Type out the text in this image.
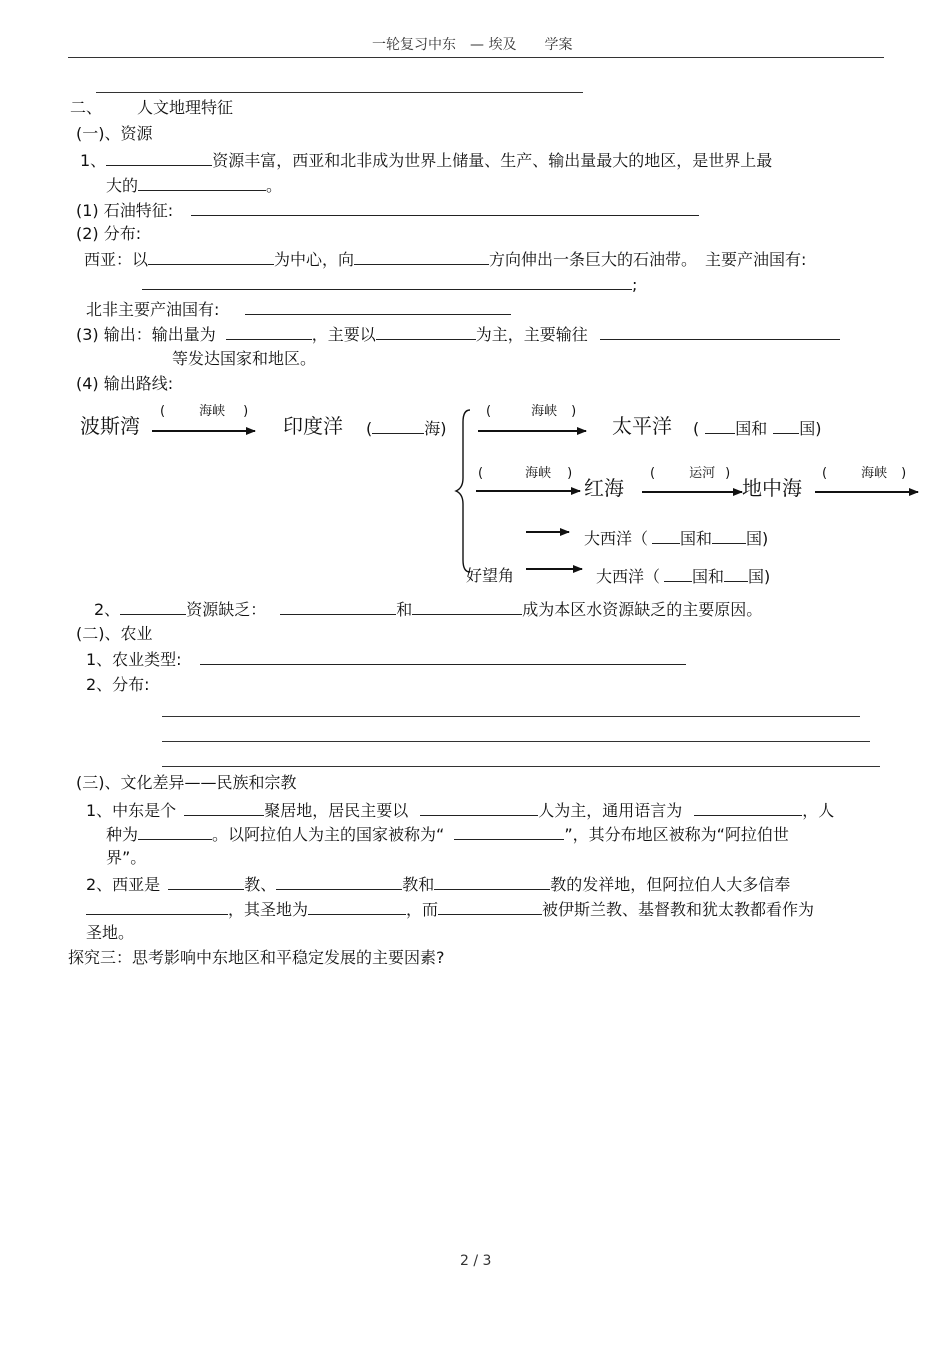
一轮复习中东　— 埃及　　学案
二、 人文地理特征
(一)、资源
1、	资源丰富，西亚和北非成为世界上储量、生产、输出量最大的地区，是世界上最
大的	。
(1) 石油特征:
(2) 分布:
西亚：以	为中心，向	方向伸出一条巨大的石油带。　主要产油国有:
;
北非主要产油国有:
(3) 输出：输出量为	，主要以	为主，主要输往
等发达国家和地区。
(4) 输出路线:
波斯湾
(	海峡 )
印度洋 (	海)
(	海峡 )
太平洋 ( 国和 国)
(	海峡 )
红海
(	运河 )
地中海
(	海峡 )
大西洋（ 国和 国)
好望角	大西洋（ 国和 国)
2、	资源缺乏：	和	成为本区水资源缺乏的主要原因。
(二)、农业
1、农业类型:
2、分布:
(三)、文化差异——民族和宗教
1、中东是个	聚居地，居民主要以	人为主，通用语言为	，人
种为	。以阿拉伯人为主的国家被称为“	”，其分布地区被称为“阿拉伯世
界”。
2、西亚是	教、	教和	教的发祥地，但阿拉伯人大多信奉
，其圣地为	，而	被伊斯兰教、基督教和犹太教都看作为
圣地。
探究三：思考影响中东地区和平稳定发展的主要因素?
2 / 3
